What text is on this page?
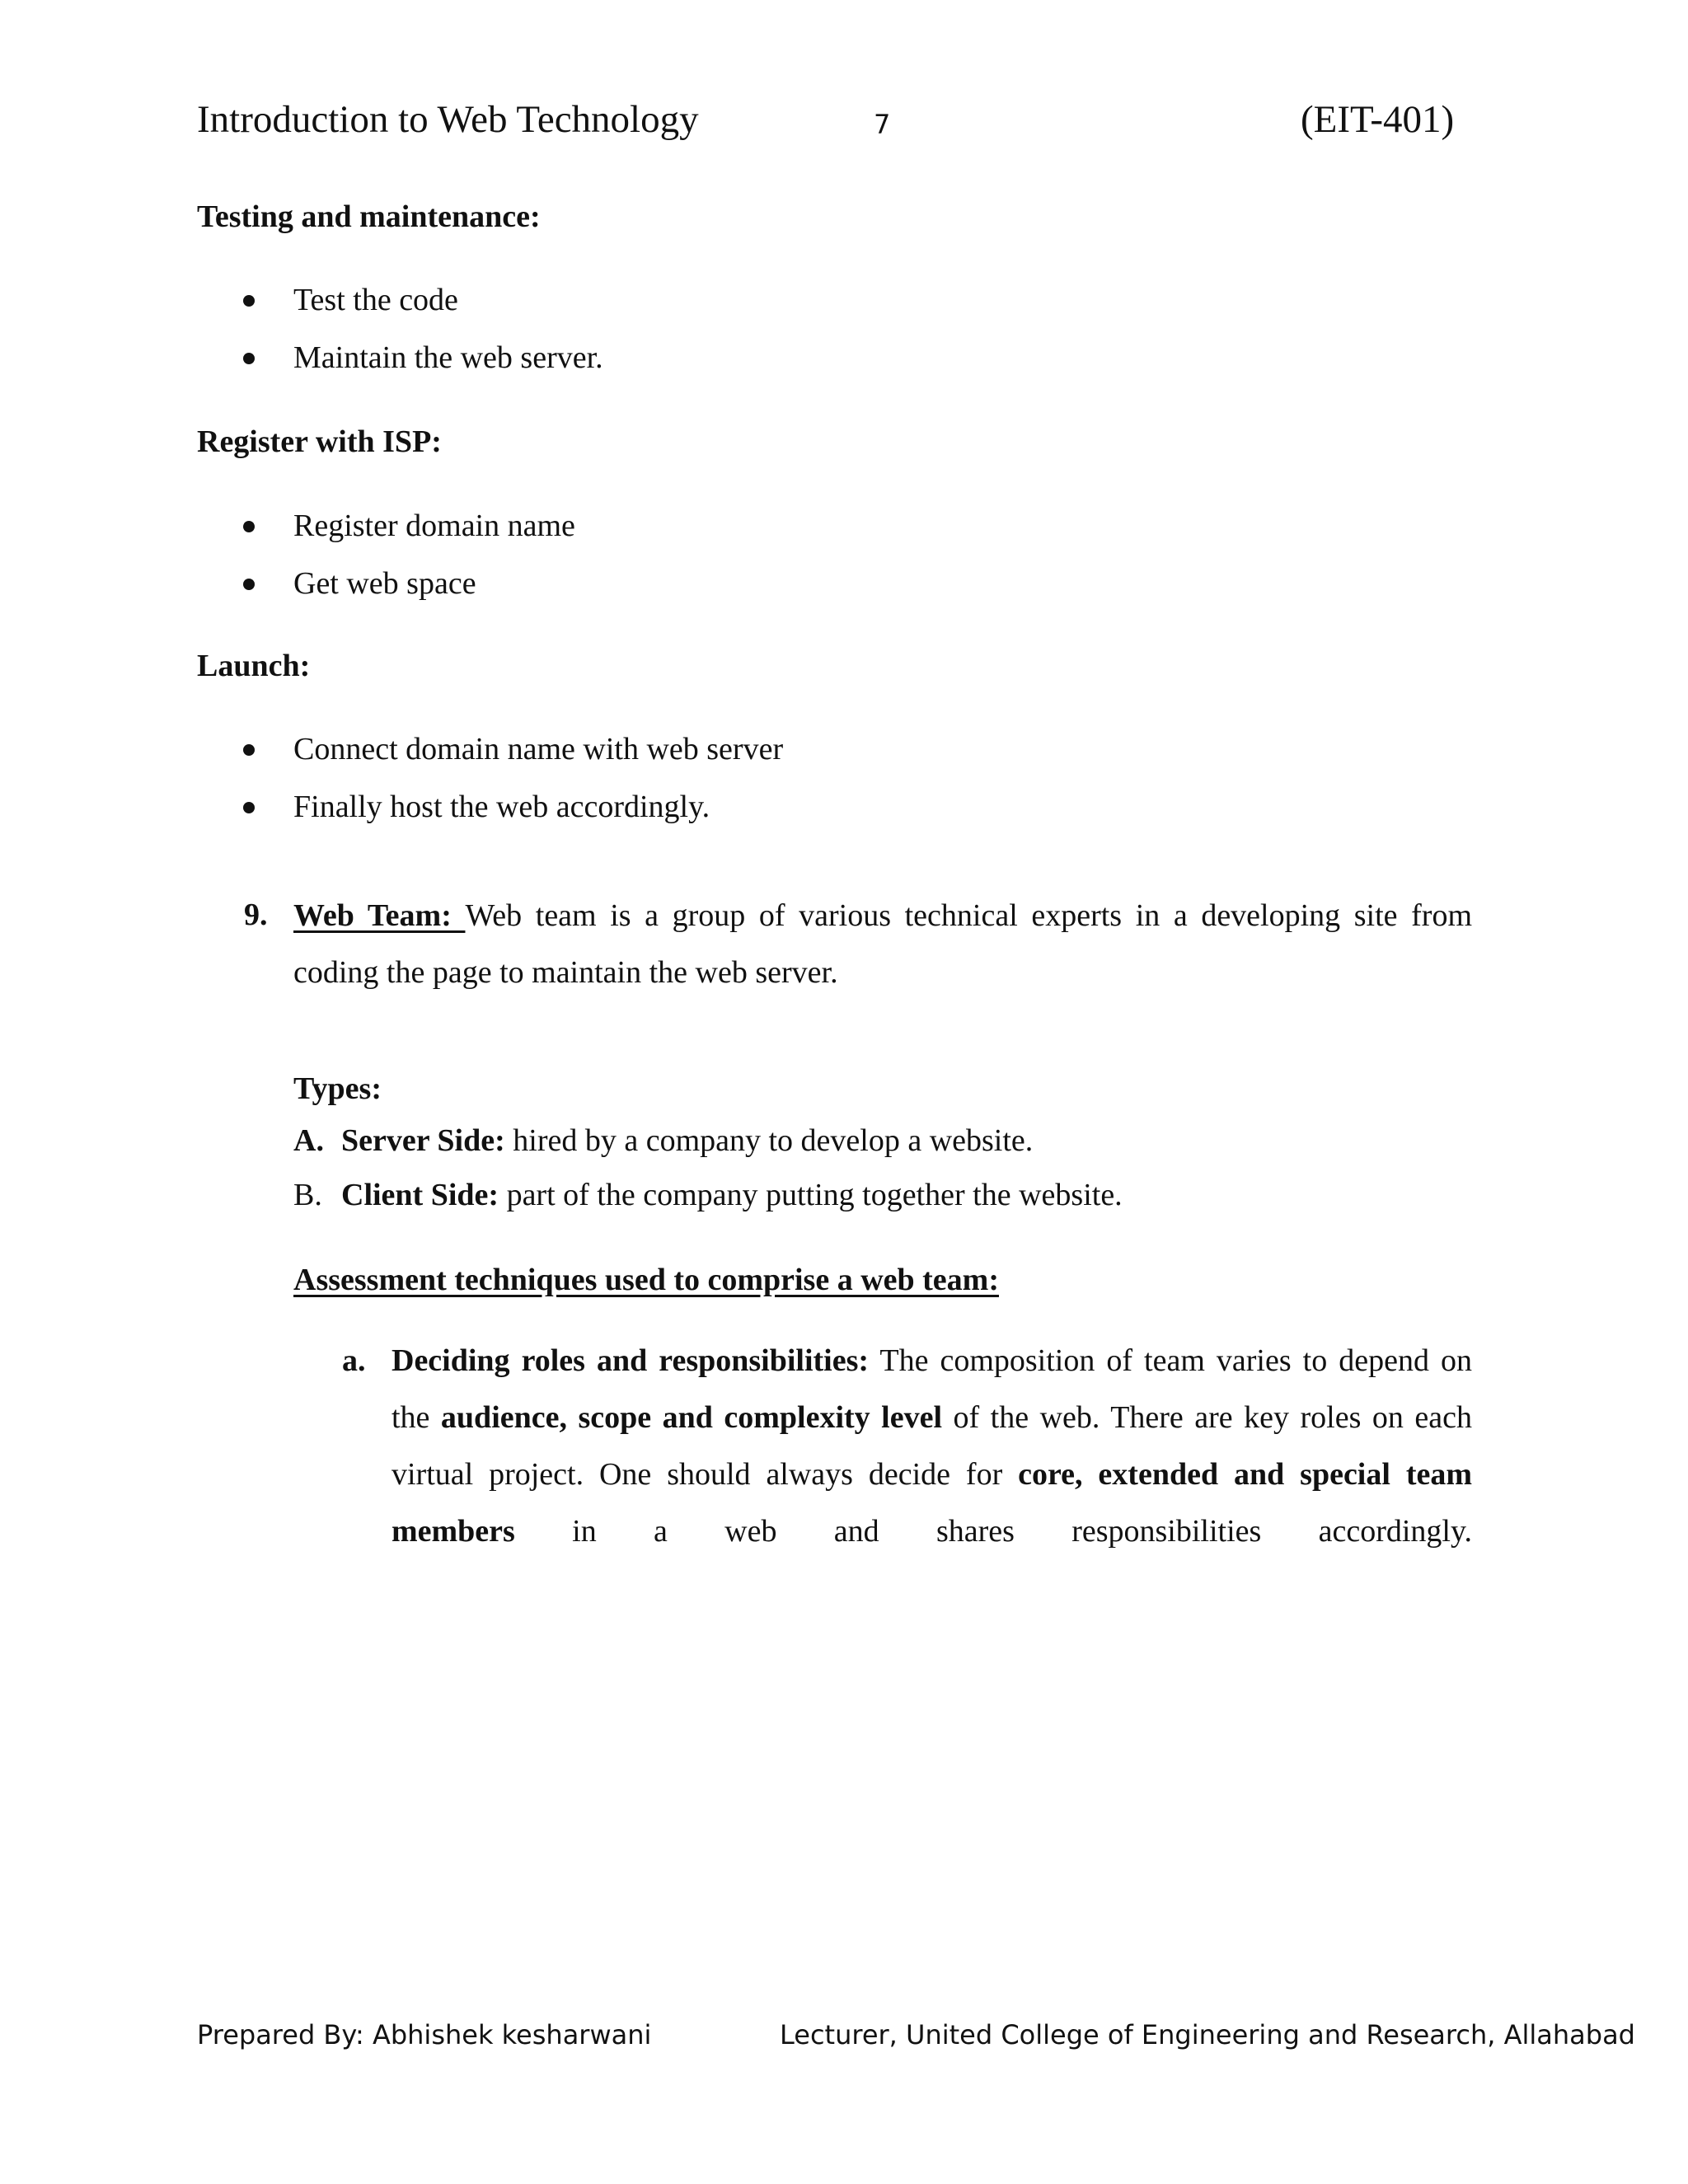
Introduction to Web Technology	7	(EIT-401)
Testing and maintenance:
Test the code
Maintain the web server.
Register with ISP:
Register domain name
Get web space
Launch:
Connect domain name with web server
Finally host the web accordingly.
9. Web Team: Web team is a group of various technical experts in a developing site from coding the page to maintain the web server.
Types:
A. Server Side: hired by a company to develop a website.
B. Client Side: part of the company putting together the website.
Assessment techniques used to comprise a web team:
a. Deciding roles and responsibilities: The composition of team varies to depend on the audience, scope and complexity level of the web. There are key roles on each virtual project. One should always decide for core, extended and special team members in a web and shares responsibilities accordingly.
Prepared By: Abhishek kesharwani	Lecturer, United College of Engineering and Research, Allahabad
